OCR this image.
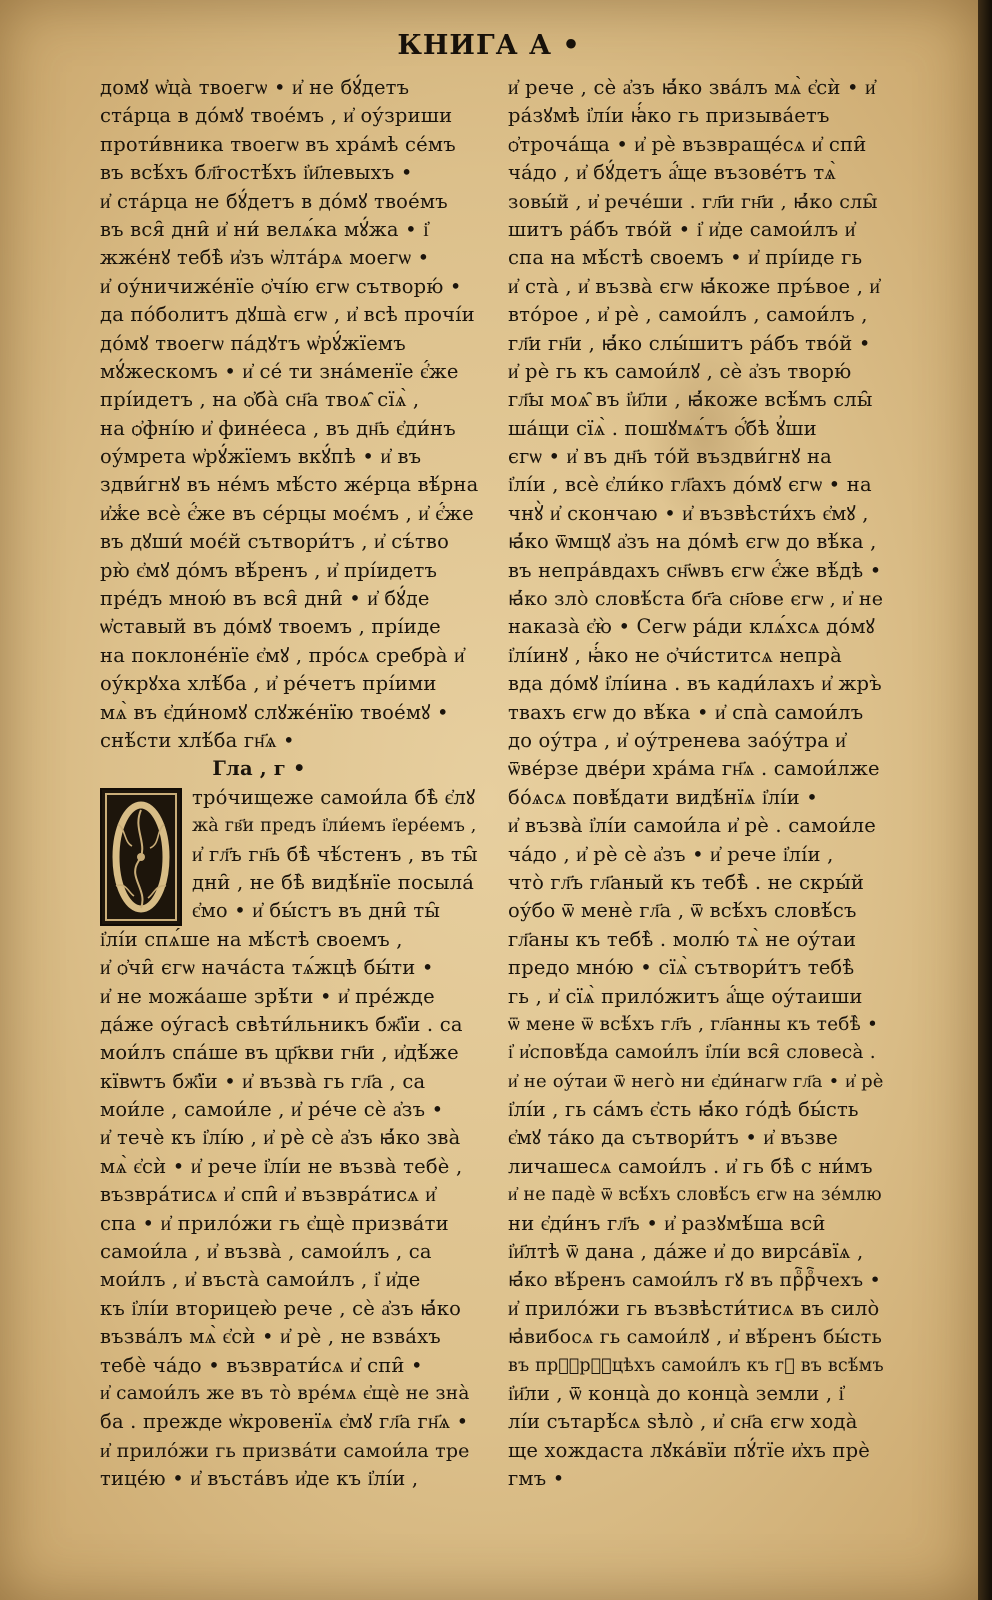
КНИГА А •
домꙋ ѡ҆ца̀ твоегѡ • и҆ не бꙋ́детъ
ста́рца в до́мꙋ твое́мъ , и҆ оу́зриши
проти́вника твоегѡ въ хра́мѣ се́мъ
въ всѣ́хъ бл҃гостѣ́хъ і҆и҃левыхъ •
и҆ ста́рца не бꙋ́детъ в до́мꙋ твое́мъ
въ вся̑ дни̑ и҆ ни́ велѧ́ка мꙋ́жа • і҆
жже́нꙋ тебѣ̀ и҆зъ ѡ҆лта́рѧ моегѡ •
и҆ оу́ничиже́нїе ѻ҆чі́ю єгѡ сътворю́ •
да по́болитъ дꙋша̀ єгѡ , и҆ всѣ прочі́и
до́мꙋ твоегѡ па́дꙋтъ ѡ҆рꙋ́жїемъ
мꙋ́жескомъ • и҆ се́ ти зна́менїе є҆́же
прі́идетъ , на ѻ҆ба̀ сн҃а твоѧ̑ сїѧ̀ ,
на ѻ҆фні́ю и҆ фине́еса , въ дн҃ь є҆ди́нъ
оу́мрета ѡ҆рꙋ́жїемъ вкꙋ́пѣ • и҆ въ
здви́гнꙋ въ не́мъ мѣ́сто же́рца вѣ́рна
и҆ж̾е всѐ є҆́же въ се́рцы моє́мъ , и҆ є҆́же
въ дꙋши́ моє́й сътвори́тъ , и҆ съ́тво
рю̀ є҆мꙋ до́мъ вѣ́ренъ , и҆ прі́идетъ
пре́дъ мною́ въ вся̑ дни̑ • и҆ бꙋ́де
ѡ҆ставый въ до́мꙋ твоемъ , прі́иде
на поклоне́нїе є҆мꙋ , про́сѧ сребра̀ и҆
оу́крꙋха хлѣ́ба , и҆ ре́четъ прі́ими
мѧ̀ въ є҆ди́номꙋ слꙋже́нїю твое́мꙋ •
снѣ́сти хлѣ́ба гн҃ѧ •
Гла , г •
тро́чищеже самои́ла бѣ̀ є҆лꙋ
жа̀ гв҃и предъ і҆ли́емъ і҆ере́емъ ,
и҆ гл҃ъ гн҃ь бѣ̀ чѣ́стенъ , въ ты̑
дни̑ , не бѣ̀ видѣ́нїе посыла́
є҆мо • и҆ бы́стъ въ дни̑ ты̑
і҆лі́и спѧ́ше на мѣ́стѣ своемъ ,
и҆ ѻ҆чи̑ єгѡ нача́ста тѧ́жцѣ бы́ти •
и҆ не можа́аше зрѣ́ти • и҆ пре́жде
да́же оу́гасѣ свѣти́льникъ бж҃їи . са
мои́лъ спа́ше въ цр҃кви гн҃и , и҆дѣ́же
кївѡтъ бж҃їи • и҆ възва̀ гь гл҃а , са
мои́ле , самои́ле , и҆ ре́че сѐ а҆зъ •
и҆ течѐ къ і҆лі́ю , и҆ рѐ сѐ а҆зъ ꙗ҆́ко зва̀
мѧ̀ є҆сѝ • и҆ рече і҆лі́и не възва̀ тебѐ ,
възвра́тисѧ и҆ спи̑ и҆ възвра́тисѧ и҆
спа • и҆ прило́жи гь є҆щѐ призва́ти
самои́ла , и҆ възва̀ , самои́лъ , са
мои́лъ , и҆ въста̀ самои́лъ , і҆ и҆де
къ і҆лі́и вторицею̀ рече , сѐ а҆зъ ꙗ҆́ко
възва́лъ мѧ̀ є҆сѝ • и҆ рѐ , не взва́хъ
тебѐ ча́до • възврати́сѧ и҆ спи̑ •
и҆ самои́лъ же въ то̀ вре́мѧ є҆щѐ не зна̀
ба . прежде ѡ҆кровенїѧ є҆мꙋ гл҃а гн҃ѧ •
и҆ прило́жи гь призва́ти самои́ла тре
тице́ю • и҆ въста́въ и҆де къ і҆лі́и ,
и҆ рече , сѐ а҆зъ ꙗ҆́ко зва́лъ мѧ̀ є҆сѝ • и҆
ра́зꙋмѣ і҆лі́и ꙗ҆́ко гь призыва́етъ
ѻ҆троча́ща • и҆ рѐ възвраще́сѧ и҆ спи̑
ча́до , и҆ бꙋ́детъ а҆́ще възове́тъ тѧ̀
зовы́й , и҆ рече́ши . гл҃и гн҃и , ꙗ҆́ко слы̑
шитъ ра́бъ тво́й • і҆ и҆де самои́лъ и҆
спа на мѣ́стѣ своемъ • и҆ прі́иде гь
и҆ ста̀ , и҆ възва̀ єгѡ ꙗ҆́коже пръ́вое , и҆
вто́рое , и҆ рѐ , самои́лъ , самои́лъ ,
гл҃и гн҃и , ꙗ҆́ко слы́шитъ ра́бъ тво́й •
и҆ рѐ гь къ самои́лꙋ , сѐ а҆зъ творю́
гл҃ы моѧ̑ въ і҆и҃ли , ꙗ҆́коже всѣ́мъ слы̑
ша́щи сїѧ̀ . пошꙋмѧ́тъ ѻ҆́бѣ ꙋ҆́ши
єгѡ • и҆ въ дн҃ь то́й въздви́гнꙋ на
і҆лі́и , всѐ є҆ли́ко гл҃ахъ до́мꙋ єгѡ • на
чнꙋ̀ и҆ скончаю • и҆ възвѣсти́хъ є҆мꙋ ,
ꙗ҆́ко ѿмщꙋ а҆зъ на до́мѣ єгѡ до вѣ́ка ,
въ непра́вдахъ сн҃ѡвъ єгѡ є҆́же вѣ́дѣ •
ꙗ҆́ко зло̀ словѣ́ста бг҃а сн҃ове єгѡ , и҆ не
наказа̀ є҆ю̀ • Сегѡ ра́ди клѧ́хсѧ до́мꙋ
і҆лі́инꙋ , ꙗ҆́ко не ѻ҆чи́ститсѧ непра̀
вда до́мꙋ і҆лі́ина . въ кади́лахъ и҆ жръ̀
твахъ єгѡ до вѣ́ка • и҆ спа̀ самои́лъ
до оу́тра , и҆ оу́тренева зао́у́тра и҆
ѿве́рзе две́ри хра́ма гн҃ѧ . самои́лже
бо́ѧсѧ повѣ́дати видѣ́нїѧ і҆лі́и •
и҆ възва̀ і҆лі́и самои́ла и҆ рѐ . самои́ле
ча́до , и҆ рѐ сѐ а҆зъ • и҆ рече і҆лі́и ,
что̀ гл҃ъ гл҃аный къ тебѣ̀ . не скры́й
оу́бо ѿ менѐ гл҃а , ѿ всѣ́хъ словѣ́съ
гл҃аны къ тебѣ̀ . молю́ тѧ̀ не оу́таи
предо мно́ю • сїѧ̀ сътвори́тъ тебѣ̀
гь , и҆ сїѧ̀ прило́житъ а҆́ще оу́таиши
ѿ мене ѿ всѣ́хъ гл҃ъ , гл҃анны къ тебѣ̀ •
і҆ и҆сповѣ́да самои́лъ і҆лі́и вся̑ словеса̀ .
и҆ не оу́таи ѿ него̀ ни є҆ди́нагѡ гл҃а • и҆ рѐ
і҆лі́и , гь са́мъ є҆сть ꙗ҆́ко го́дѣ бы́сть
є҆мꙋ та́ко да сътвори́тъ • и҆ възве
личашесѧ самои́лъ . и҆ гь бѣ̀ с ни́мъ
и҆ не падѐ ѿ всѣ́хъ словѣ́съ єгѡ на зе́млю
ни є҆ди́нъ гл҃ъ • и҆ разꙋмѣ́ша вси̑
і҆и҃лтѣ ѿ дана , да́же и҆ до вирса́вїѧ ,
ꙗ҆́ко вѣ́ренъ самои́лъ гꙋ въ прⷪ҇рⷪ҇чехъ •
и҆ прило́жи гь възвѣсти́тисѧ въ сило̀
ꙗ҆вибосѧ гь самои́лꙋ , и҆ вѣ́ренъ бы́сть
въ прⷪ҇рⷪ҇цѣхъ самои́лъ къ гꙋ въ всѣ́мъ
і҆и҃ли , ѿ конца̀ до конца̀ земли , і҆
лі́и сътарѣ́сѧ ѕѣло̀ , и҆ сн҃а єгѡ хода̀
ще хождаста лꙋка́вїи пꙋ́тїе и҆хъ прѐ
гмъ •
